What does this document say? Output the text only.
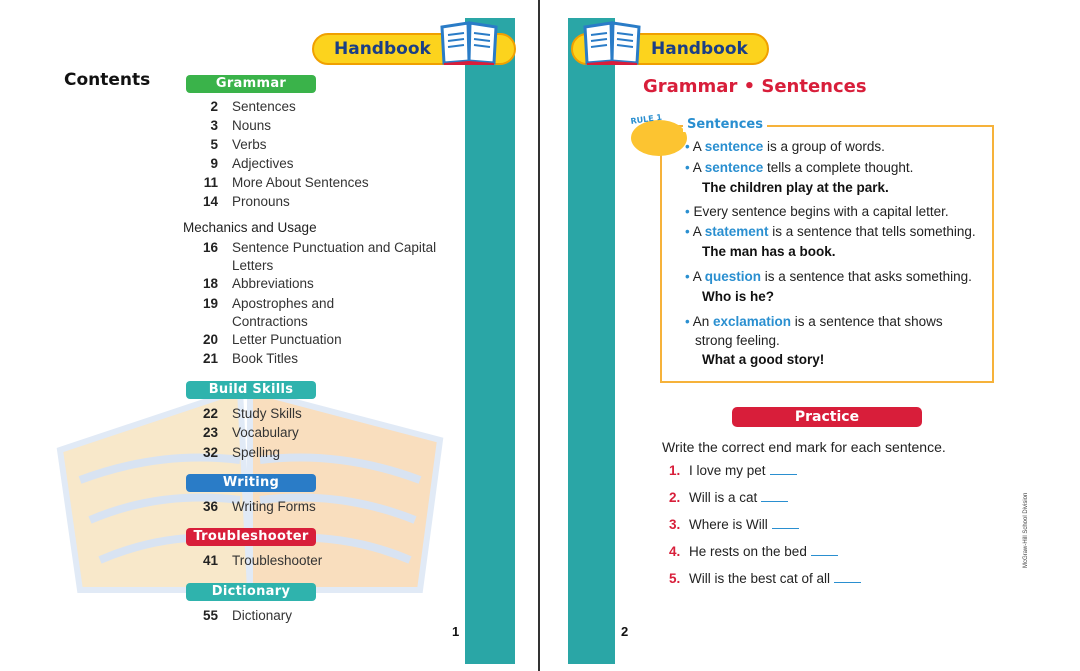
Handbook
Contents	Grammar
2 Sentences
3 Nouns
5 Verbs
9 Adjectives
11 More About Sentences
14 Pronouns
Mechanics and Usage
16 Sentence Punctuation and Capital Letters
18 Abbreviations
19 Apostrophes and Contractions
20 Letter Punctuation
21 Book Titles
Build Skills
22 Study Skills
23 Vocabulary
32 Spelling
Writing
36 Writing Forms
Troubleshooter
41 Troubleshooter
Dictionary
55 Dictionary
1
Handbook
Grammar • Sentences
RULE 1	Sentences
• A sentence is a group of words.
• A sentence tells a complete thought.
The children play at the park.
• Every sentence begins with a capital letter.
• A statement is a sentence that tells something.
The man has a book.
• A question is a sentence that asks something.
Who is he?
• An exclamation is a sentence that shows
strong feeling.
What a good story!
Practice
Write the correct end mark for each sentence.
1. I love my pet
2. Will is a cat
3. Where is Will
4. He rests on the bed
5. Will is the best cat of all
2
McGraw-Hill School Division
